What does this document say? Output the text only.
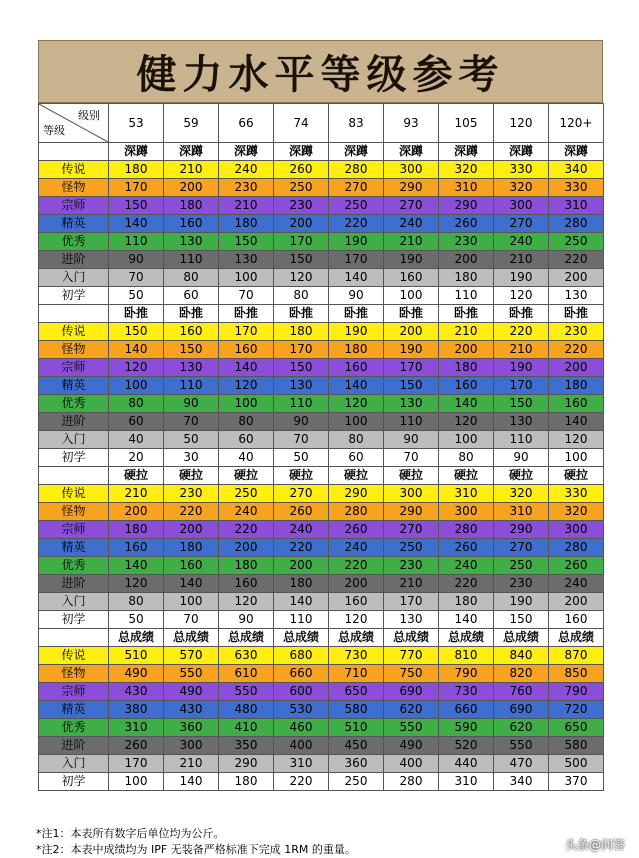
健力水平等级参考
级别
等级	53	59	66	74	83	93	105	120	120+
	深蹲	深蹲	深蹲	深蹲	深蹲	深蹲	深蹲	深蹲	深蹲
传说	180	210	240	260	280	300	320	330	340
怪物	170	200	230	250	270	290	310	320	330
宗师	150	180	210	230	250	270	290	300	310
精英	140	160	180	200	220	240	260	270	280
优秀	110	130	150	170	190	210	230	240	250
进阶	90	110	130	150	170	190	200	210	220
入门	70	80	100	120	140	160	180	190	200
初学	50	60	70	80	90	100	110	120	130
	卧推	卧推	卧推	卧推	卧推	卧推	卧推	卧推	卧推
传说	150	160	170	180	190	200	210	220	230
怪物	140	150	160	170	180	190	200	210	220
宗师	120	130	140	150	160	170	180	190	200
精英	100	110	120	130	140	150	160	170	180
优秀	80	90	100	110	120	130	140	150	160
进阶	60	70	80	90	100	110	120	130	140
入门	40	50	60	70	80	90	100	110	120
初学	20	30	40	50	60	70	80	90	100
	硬拉	硬拉	硬拉	硬拉	硬拉	硬拉	硬拉	硬拉	硬拉
传说	210	230	250	270	290	300	310	320	330
怪物	200	220	240	260	280	290	300	310	320
宗师	180	200	220	240	260	270	280	290	300
精英	160	180	200	220	240	250	260	270	280
优秀	140	160	180	200	220	230	240	250	260
进阶	120	140	160	180	200	210	220	230	240
入门	80	100	120	140	160	170	180	190	200
初学	50	70	90	110	120	130	140	150	160
	总成绩	总成绩	总成绩	总成绩	总成绩	总成绩	总成绩	总成绩	总成绩
传说	510	570	630	680	730	770	810	840	870
怪物	490	550	610	660	710	750	790	820	850
宗师	430	490	550	600	650	690	730	760	790
精英	380	430	480	530	580	620	660	690	720
优秀	310	360	410	460	510	550	590	620	650
进阶	260	300	350	400	450	490	520	550	580
入门	170	210	290	310	360	400	440	470	500
初学	100	140	180	220	250	280	310	340	370
*注1：本表所有数字后单位均为公斤。
*注2：本表中成绩均为 IPF 无装备严格标准下完成 1RM 的重量。	头条@问答
